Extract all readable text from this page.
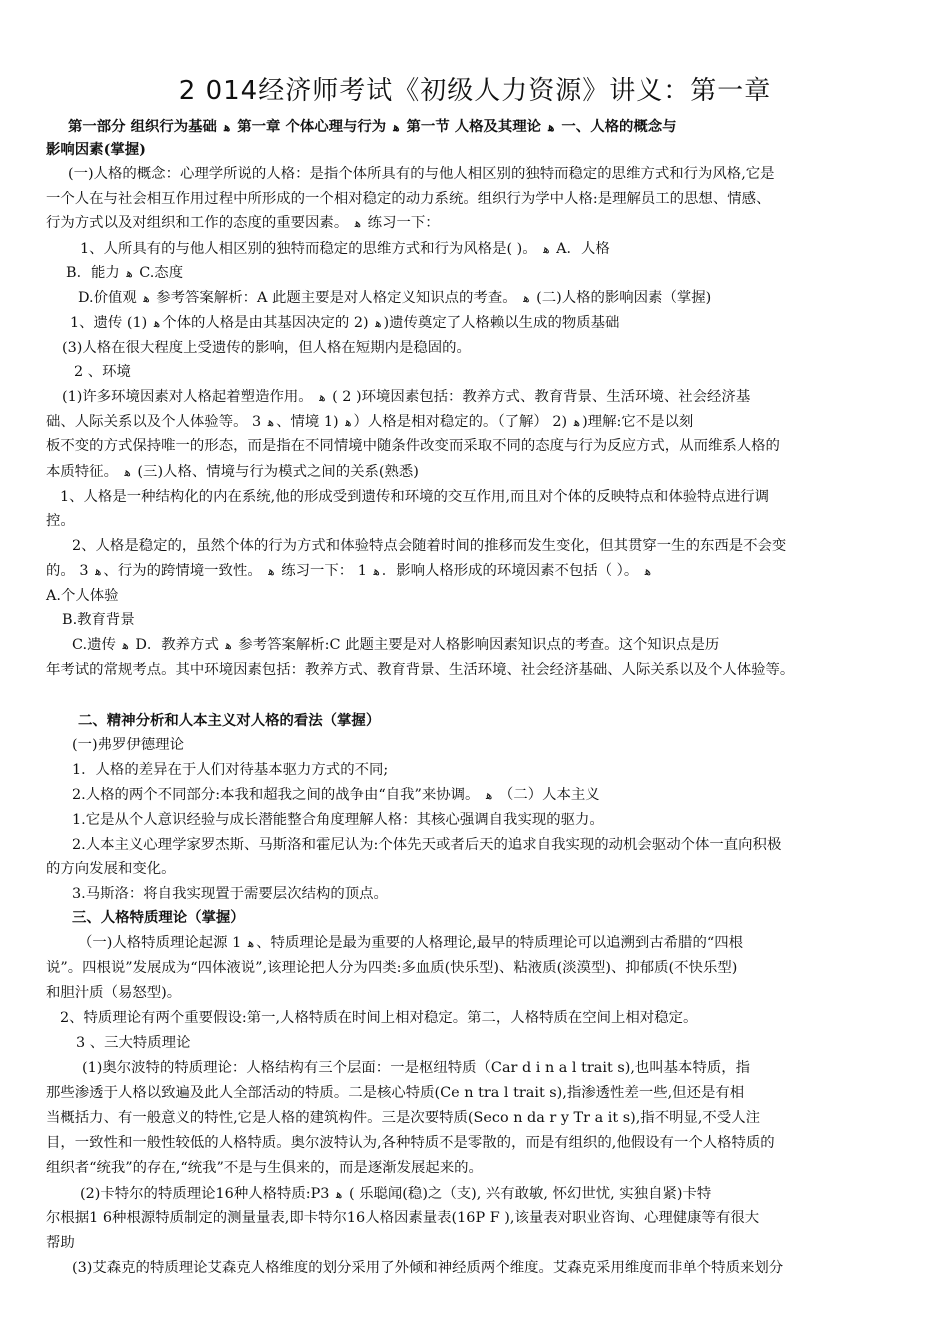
2 014经济师考试《初级人力资源》讲义：第一章
第一部分 组织行为基础 ﻫ 第一章 个体心理与行为 ﻫ 第一节 人格及其理论 ﻫ 一、人格的概念与
影响因素(掌握)
(一)人格的概念：心理学所说的人格：是指个体所具有的与他人相区别的独特而稳定的思维方式和行为风格,它是
一个人在与社会相互作用过程中所形成的一个相对稳定的动力系统。组织行为学中人格:是理解员工的思想、情感、
行为方式以及对组织和工作的态度的重要因素。 ﻫ 练习一下：
1、人所具有的与他人相区别的独特而稳定的思维方式和行为风格是( )。 ﻫ A．人格
B．能力 ﻫ C.态度
D.价值观 ﻫ 参考答案解析：A 此题主要是对人格定义知识点的考查。 ﻫ (二)人格的影响因素（掌握)
1、遗传 (1) ﻫ 个体的人格是由其基因决定的 2) ﻫ )遗传奠定了人格赖以生成的物质基础
(3)人格在很大程度上受遗传的影响，但人格在短期内是稳固的。
2 、环境
(1)许多环境因素对人格起着塑造作用。 ﻫ ( 2 )环境因素包括：教养方式、教育背景、生活环境、社会经济基
础、人际关系以及个人体验等。 3 ﻫ 、情境 1) ﻫ ）人格是相对稳定的。（了解） 2) ﻫ )理解:它不是以刻
板不变的方式保持唯一的形态，而是指在不同情境中随条件改变而采取不同的态度与行为反应方式，从而维系人格的
本质特征。 ﻫ (三)人格、情境与行为模式之间的关系(熟悉)
1、人格是一种结构化的内在系统,他的形成受到遗传和环境的交互作用,而且对个体的反映特点和体验特点进行调
控。
2、人格是稳定的，虽然个体的行为方式和体验特点会随着时间的推移而发生变化，但其贯穿一生的东西是不会变
的。 3 ﻫ 、行为的跨情境一致性。 ﻫ 练习一下： 1 ﻫ ．影响人格形成的环境因素不包括（ ）。 ﻫ
A.个人体验
B.教育背景
C.遗传 ﻫ D．教养方式 ﻫ 参考答案解析:C 此题主要是对人格影响因素知识点的考查。这个知识点是历
年考试的常规考点。其中环境因素包括：教养方式、教育背景、生活环境、社会经济基础、人际关系以及个人体验等。
二、精神分析和人本主义对人格的看法（掌握）
(一)弗罗伊德理论
1．人格的差异在于人们对待基本驱力方式的不同;
2.人格的两个不同部分:本我和超我之间的战争由“自我”来协调。 ﻫ （二）人本主义
1.它是从个人意识经验与成长潜能整合角度理解人格：其核心强调自我实现的驱力。
2.人本主义心理学家罗杰斯、马斯洛和霍尼认为:个体先天或者后天的追求自我实现的动机会驱动个体一直向积极
的方向发展和变化。
3.马斯洛：将自我实现置于需要层次结构的顶点。
三、人格特质理论（掌握）
（一)人格特质理论起源 1 ﻫ 、特质理论是最为重要的人格理论,最早的特质理论可以追溯到古希腊的“四根
说”。四根说”发展成为“四体液说”,该理论把人分为四类:多血质(快乐型)、粘液质(淡漠型)、抑郁质(不快乐型)
和胆汁质（易怒型)。
2、特质理论有两个重要假设:第一,人格特质在时间上相对稳定。第二，人格特质在空间上相对稳定。
3 、三大特质理论
(1)奥尔波特的特质理论：人格结构有三个层面：一是枢纽特质（Car d i n a l trait s),也叫基本特质，指
那些渗透于人格以致遍及此人全部活动的特质。二是核心特质(Ce n tra l trait s),指渗透性差一些,但还是有相
当概括力、有一般意义的特性,它是人格的建筑构件。三是次要特质(Seco n da r y Tr a it s),指不明显,不受人注
目，一致性和一般性较低的人格特质。奥尔波特认为,各种特质不是零散的，而是有组织的,他假设有一个人格特质的
组织者“统我”的存在,“统我”不是与生俱来的，而是逐渐发展起来的。
(2)卡特尔的特质理论16种人格特质:P3 ﻫ ( 乐聪闻(稳)之（支), 兴有敢敏, 怀幻世忧, 实独自紧)卡特
尔根据1 6种根源特质制定的测量量表,即卡特尔16人格因素量表(16P F ),该量表对职业咨询、心理健康等有很大
帮助
(3)艾森克的特质理论艾森克人格维度的划分采用了外倾和神经质两个维度。艾森克采用维度而非单个特质来划分
